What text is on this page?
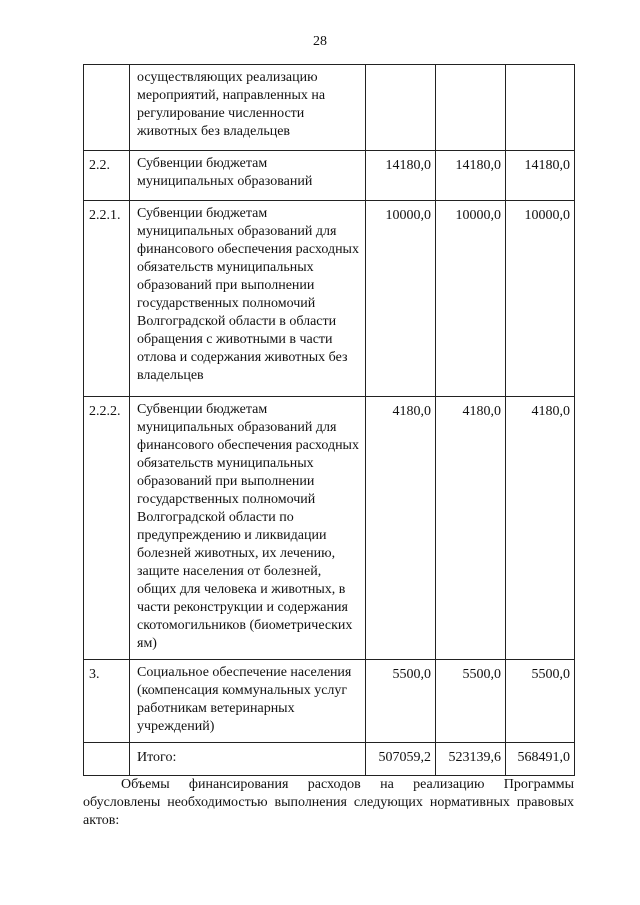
28
	осуществляющих реализацию мероприятий, направленных на регулирование численности животных без владельцев			
2.2.	Субвенции бюджетам муниципальных образований	14180,0	14180,0	14180,0
2.2.1.	Субвенции бюджетам муниципальных образований для финансового обеспечения расходных обязательств муниципальных образований при выполнении государственных полномочий Волгоградской области в области обращения с животными в части отлова и содержания животных без владельцев	10000,0	10000,0	10000,0
2.2.2.	Субвенции бюджетам муниципальных образований для финансового обеспечения расходных обязательств муниципальных образований при выполнении государственных полномочий Волгоградской области по предупреждению и ликвидации болезней животных, их лечению, защите населения от болезней, общих для человека и животных, в части реконструкции и содержания скотомогильников (биометрических ям)	4180,0	4180,0	4180,0
3.	Социальное обеспечение населения (компенсация коммунальных услуг работникам ветеринарных учреждений)	5500,0	5500,0	5500,0
	Итого:	507059,2	523139,6	568491,0
Объемы финансирования расходов на реализацию Программы обусловлены необходимостью выполнения следующих нормативных правовых актов:
